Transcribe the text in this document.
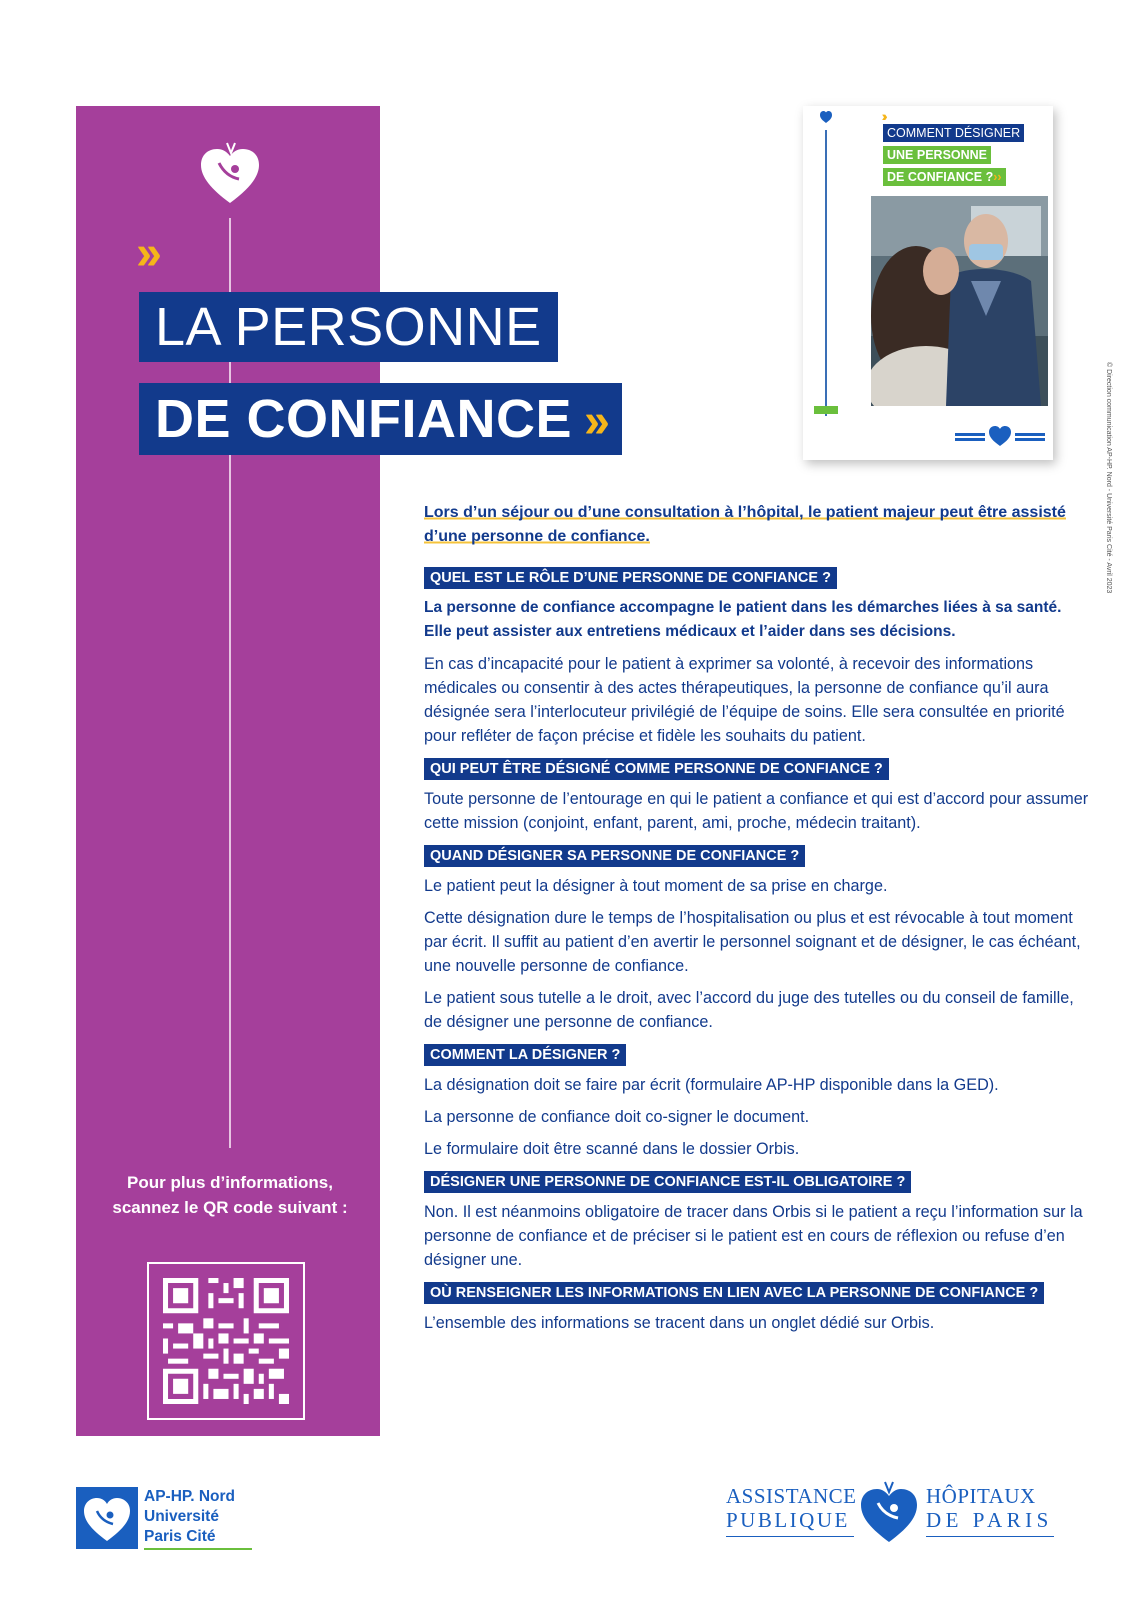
››
LA PERSONNE
DE CONFIANCE ››
Pour plus d’informations, scannez le QR code suivant :
COMMENT DÉSIGNER
UNE PERSONNE
DE CONFIANCE ?››
© Direction communication AP-HP. Nord - Université Paris Cité - Avril 2023
Lors d’un séjour ou d’une consultation à l’hôpital, le patient majeur peut être assisté d’une personne de confiance.
QUEL EST LE RÔLE D’UNE PERSONNE DE CONFIANCE ?

La personne de confiance accompagne le patient dans les démarches liées à sa santé. Elle peut assister aux entretiens médicaux et l’aider dans ses décisions.

En cas d’incapacité pour le patient à exprimer sa volonté, à recevoir des informations médicales ou consentir à des actes thérapeutiques, la personne de confiance qu’il aura désignée sera l’interlocuteur privilégié de l’équipe de soins. Elle sera consultée en priorité pour refléter de façon précise et fidèle les souhaits du patient.

QUI PEUT ÊTRE DÉSIGNÉ COMME PERSONNE DE CONFIANCE ?

Toute personne de l’entourage en qui le patient a confiance et qui est d’accord pour assumer cette mission (conjoint, enfant, parent, ami, proche, médecin traitant).

QUAND DÉSIGNER SA PERSONNE DE CONFIANCE ?

Le patient peut la désigner à tout moment de sa prise en charge.

Cette désignation dure le temps de l’hospitalisation ou plus et est révocable à tout moment par écrit. Il suffit au patient d’en avertir le personnel soignant et de désigner, le cas échéant, une nouvelle personne de confiance.

Le patient sous tutelle a le droit, avec l’accord du juge des tutelles ou du conseil de famille, de désigner une personne de confiance.

COMMENT LA DÉSIGNER ?

La désignation doit se faire par écrit (formulaire AP-HP disponible dans la GED).

La personne de confiance doit co-signer le document.

Le formulaire doit être scanné dans le dossier Orbis.

DÉSIGNER UNE PERSONNE DE CONFIANCE EST-IL OBLIGATOIRE ?

Non. Il est néanmoins obligatoire de tracer dans Orbis si le patient a reçu l’information sur la personne de confiance et de préciser si le patient est en cours de réflexion ou refuse d’en désigner une.

OÙ RENSEIGNER LES INFORMATIONS EN LIEN AVEC LA PERSONNE DE CONFIANCE ?

L’ensemble des informations se tracent dans un onglet dédié sur Orbis.

AP-HP. Nord
Université
Paris Cité
ASSISTANCE
PUBLIQUE
HÔPITAUX
DE PARIS
